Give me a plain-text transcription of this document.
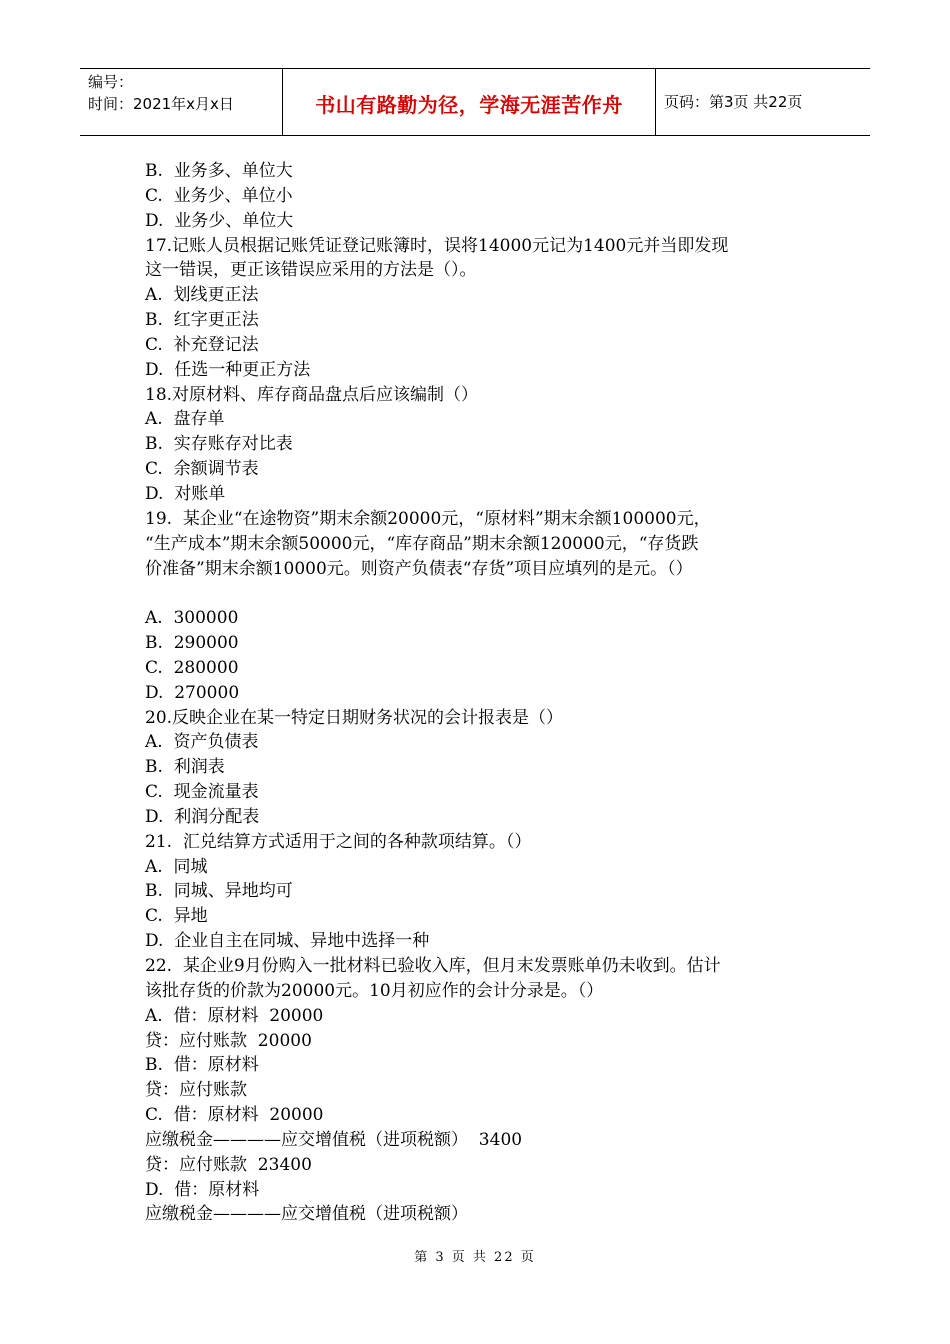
编号：
时间：2021年x月x日	书山有路勤为径，学海无涯苦作舟	页码：第3页 共22页
B.  业务多、单位大
C.  业务少、单位小
D.  业务少、单位大
17.记账人员根据记账凭证登记账簿时，误将14000元记为1400元并当即发现
这一错误，更正该错误应采用的方法是（）。
A.  划线更正法
B.  红字更正法
C.  补充登记法
D.  任选一种更正方法
18.对原材料、库存商品盘点后应该编制（）
A.  盘存单
B.  实存账存对比表
C.  余额调节表
D.  对账单
19.  某企业“在途物资”期末余额20000元，“原材料”期末余额100000元，
“生产成本”期末余额50000元，“库存商品”期末余额120000元，“存货跌
价准备”期末余额10000元。则资产负债表“存货”项目应填列的是元。（）
A.  300000
B.  290000
C.  280000
D.  270000
20.反映企业在某一特定日期财务状况的会计报表是（）
A.  资产负债表
B.  利润表
C.  现金流量表
D.  利润分配表
21.  汇兑结算方式适用于之间的各种款项结算。（）
A.  同城
B.  同城、异地均可
C.  异地
D.  企业自主在同城、异地中选择一种
22.  某企业9月份购入一批材料已验收入库，但月末发票账单仍未收到。估计
该批存货的价款为20000元。10月初应作的会计分录是。（）
A.  借：原材料  20000
贷：应付账款  20000
B.  借：原材料
贷：应付账款
C.  借：原材料  20000
应缴税金————应交增值税（进项税额）  3400
贷：应付账款  23400
D.  借：原材料
应缴税金————应交增值税（进项税额）
第 3 页 共 22 页
